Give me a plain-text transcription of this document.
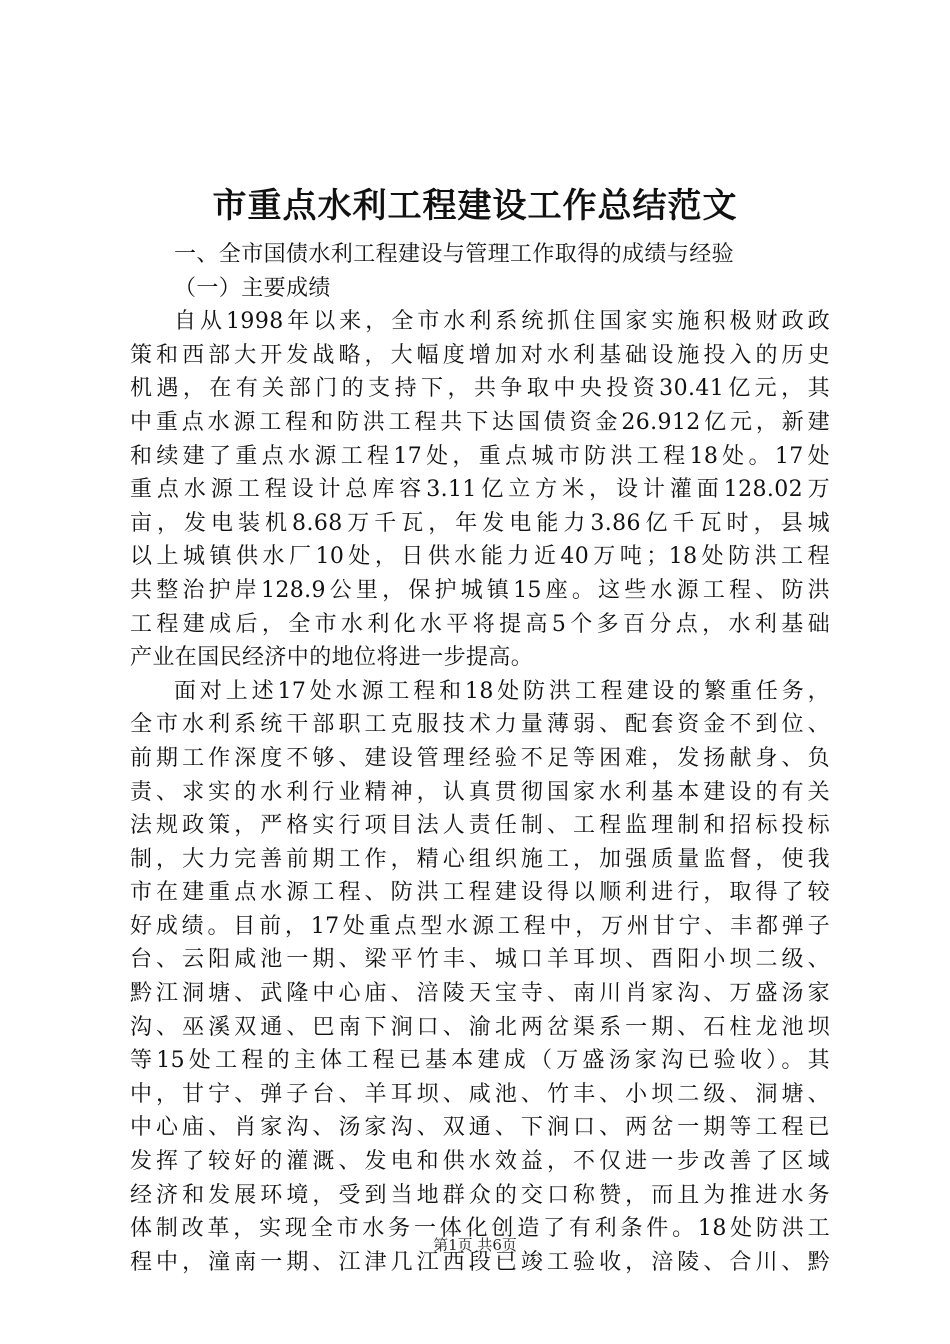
市重点水利工程建设工作总结范文
一、全市国债水利工程建设与管理工作取得的成绩与经验
（一）主要成绩
自从1998年以来，全市水利系统抓住国家实施积极财政政
策和西部大开发战略，大幅度增加对水利基础设施投入的历史
机遇，在有关部门的支持下，共争取中央投资30.41亿元，其
中重点水源工程和防洪工程共下达国债资金26.912亿元，新建
和续建了重点水源工程17处，重点城市防洪工程18处。17处
重点水源工程设计总库容3.11亿立方米，设计灌面128.02万
亩，发电装机8.68万千瓦，年发电能力3.86亿千瓦时，县城
以上城镇供水厂10处，日供水能力近40万吨；18处防洪工程
共整治护岸128.9公里，保护城镇15座。这些水源工程、防洪
工程建成后，全市水利化水平将提高5个多百分点，水利基础
产业在国民经济中的地位将进一步提高。
面对上述17处水源工程和18处防洪工程建设的繁重任务，
全市水利系统干部职工克服技术力量薄弱、配套资金不到位、
前期工作深度不够、建设管理经验不足等困难，发扬献身、负
责、求实的水利行业精神，认真贯彻国家水利基本建设的有关
法规政策，严格实行项目法人责任制、工程监理制和招标投标
制，大力完善前期工作，精心组织施工，加强质量监督，使我
市在建重点水源工程、防洪工程建设得以顺利进行，取得了较
好成绩。目前，17处重点型水源工程中，万州甘宁、丰都弹子
台、云阳咸池一期、梁平竹丰、城口羊耳坝、酉阳小坝二级、
黔江洞塘、武隆中心庙、涪陵天宝寺、南川肖家沟、万盛汤家
沟、巫溪双通、巴南下涧口、渝北两岔渠系一期、石柱龙池坝
等15处工程的主体工程已基本建成（万盛汤家沟已验收）。其
中，甘宁、弹子台、羊耳坝、咸池、竹丰、小坝二级、洞塘、
中心庙、肖家沟、汤家沟、双通、下涧口、两岔一期等工程已
发挥了较好的灌溉、发电和供水效益，不仅进一步改善了区域
经济和发展环境，受到当地群众的交口称赞，而且为推进水务
体制改革，实现全市水务一体化创造了有利条件。18处防洪工
程中，潼南一期、江津几江西段已竣工验收，涪陵、合川、黔
第1页 共6页
